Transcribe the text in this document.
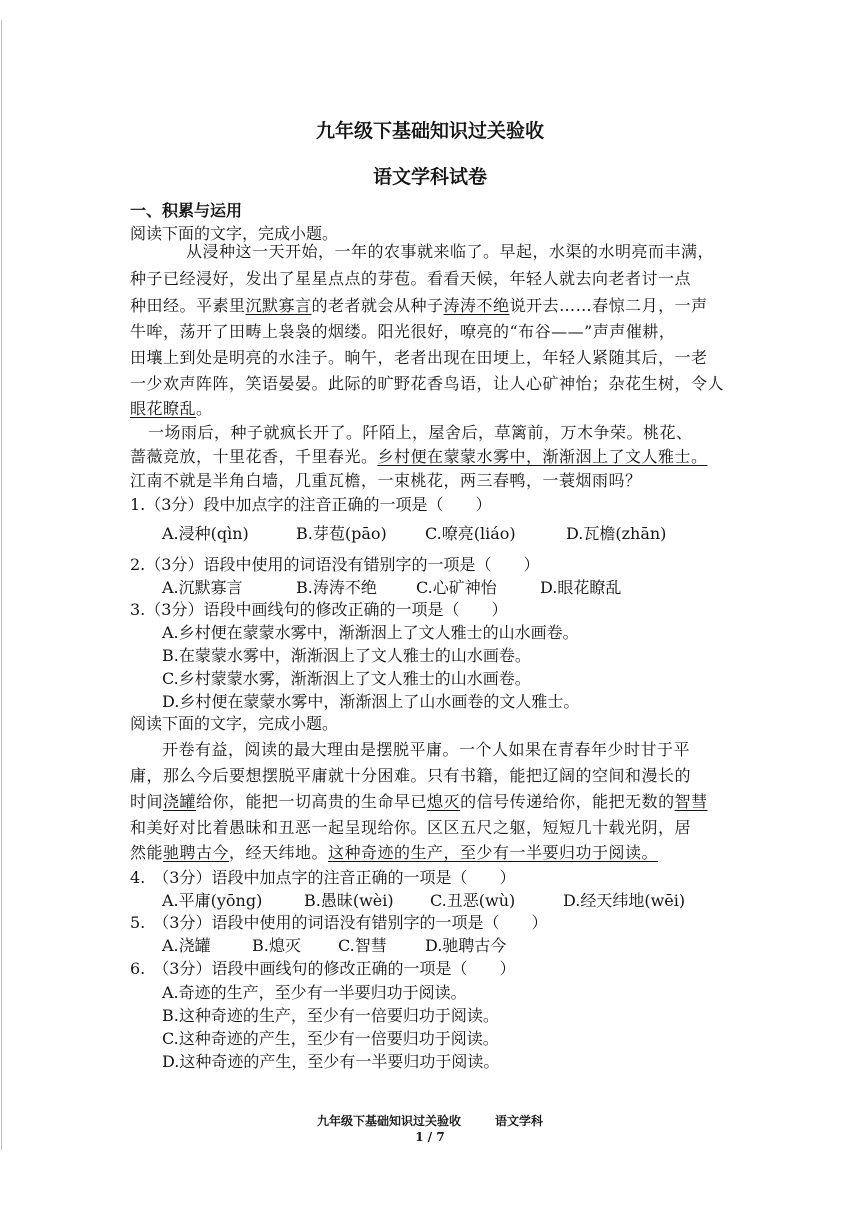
九年级下基础知识过关验收
语文学科试卷
一、积累与运用
阅读下面的文字，完成小题。
从浸种这一天开始，一年的农事就来临了。早起，水渠的水明亮而丰满，
种子已经浸好，发出了星星点点的芽苞。看看天候，年轻人就去向老者讨一点
种田经。平素里沉默寡言的老者就会从种子涛涛不绝说开去……春惊二月，一声
牛哞，荡开了田畴上袅袅的烟缕。阳光很好，嘹亮的“布谷——”声声催耕，
田壤上到处是明亮的水洼子。晌午，老者出现在田埂上，年轻人紧随其后，一老
一少欢声阵阵，笑语晏晏。此际的旷野花香鸟语，让人心矿神怡；杂花生树，令人
眼花瞭乱。
一场雨后，种子就疯长开了。阡陌上，屋舍后，草篱前，万木争荣。桃花、
蔷薇竞放，十里花香，千里春光。乡村便在蒙蒙水雾中，渐渐洇上了文人雅士。
江南不就是半角白墙，几重瓦檐，一束桃花，两三春鸭，一蓑烟雨吗？
1.（3分）段中加点字的注音正确的一项是（　　）
A.浸种(qìn)	B.芽苞(pāo) C.嘹亮(liáo)	D.瓦檐(zhān)
2.（3分）语段中使用的词语没有错别字的一项是（　　）
A.沉默寡言	B.涛涛不绝 C.心矿神怡	D.眼花瞭乱
3.（3分）语段中画线句的修改正确的一项是（　　）
A.乡村便在蒙蒙水雾中，渐渐洇上了文人雅士的山水画卷。
B.在蒙蒙水雾中，渐渐洇上了文人雅士的山水画卷。
C.乡村蒙蒙水雾，渐渐洇上了文人雅士的山水画卷。
D.乡村便在蒙蒙水雾中，渐渐洇上了山水画卷的文人雅士。
阅读下面的文字，完成小题。
开卷有益，阅读的最大理由是摆脱平庸。一个人如果在青春年少时甘于平
庸，那么今后要想摆脱平庸就十分困难。只有书籍，能把辽阔的空间和漫长的
时间浇罐给你，能把一切高贵的生命早已熄灭的信号传递给你，能把无数的智彗
和美好对比着愚昧和丑恶一起呈现给你。区区五尺之躯，短短几十载光阴，居
然能驰聘古今，经天纬地。这种奇迹的生产，至少有一半要归功于阅读。
4.　（3分）语段中加点字的注音正确的一项是（　　）
A.平庸(yōng)	B.愚昧(wèi) C.丑恶(wù)	D.经天纬地(wēi)
5.　（3分）语段中使用的词语没有错别字的一项是（　　）
A.浇罐	B.熄灭 C.智彗 D.驰聘古今
6.　（3分）语段中画线句的修改正确的一项是（　　）
A.奇迹的生产，至少有一半要归功于阅读。
B.这种奇迹的生产，至少有一倍要归功于阅读。
C.这种奇迹的产生，至少有一倍要归功于阅读。
D.这种奇迹的产生，至少有一半要归功于阅读。
九年级下基础知识过关验收	语文学科
1 / 7
